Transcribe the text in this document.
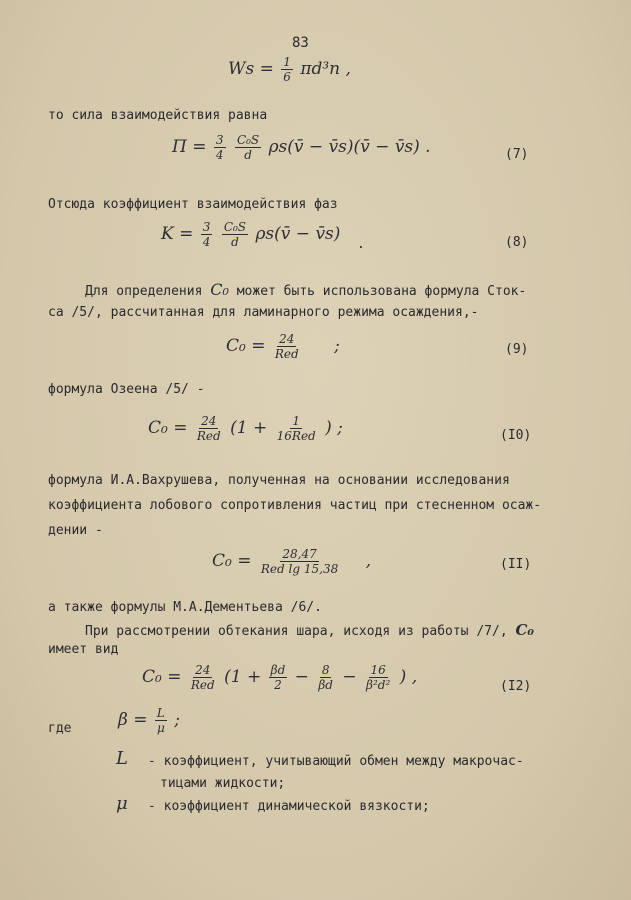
83
$Ws = \frac{1}{6} \pi d^3n$ ,
то сила взаимодействия равна
$\Pi = \frac{3}{4}$
$\frac{\text{C₀S}}{d}$ ρs(v̄ − v̄s)(v̄ − v̄s) .	(7)
Отсюда коэффициент взаимодействия фаз
$K = \frac{3}{4}$
$\frac{\text{C₀S}}{d}$ ρs(v̄ − v̄s)
.	(8)
Для определения C₀ может быть использована формула Сток-
са /5/, рассчитанная для ламинарного режима осаждения,-
$C_0 = \frac{24}{\text{Red}}$ ;	(9)
формула Озеена /5/ -
$C_0 = \frac{24}{\text{Red}} (1 + \frac{1}{\text{16Red}}$ ) ;	(I0)
формула И.А.Вахрушева, полученная на основании исследования
коэффициента лобового сопротивления частиц при стесненном осаж-
дении -
$C_0 = \frac{28,47}{\text{Red lg 15,38}}$ ,	(II)
а также формулы М.А.Дементьева /6/.
При рассмотрении обтекания шара, исходя из работы /7/, C₀
имеет вид
$C_0 = \frac{24}{\text{Red}} (1 + \frac{\beta d}{2} - \frac{8}{\beta d} - \frac{16}{\text{β²d²}}$ ) ,	(I2)
где	$\beta = \frac{L}{\mu}$ ;
L - коэффициент, учитывающий обмен между макрочас-
тицами жидкости;
μ - коэффициент динамической вязкости;
